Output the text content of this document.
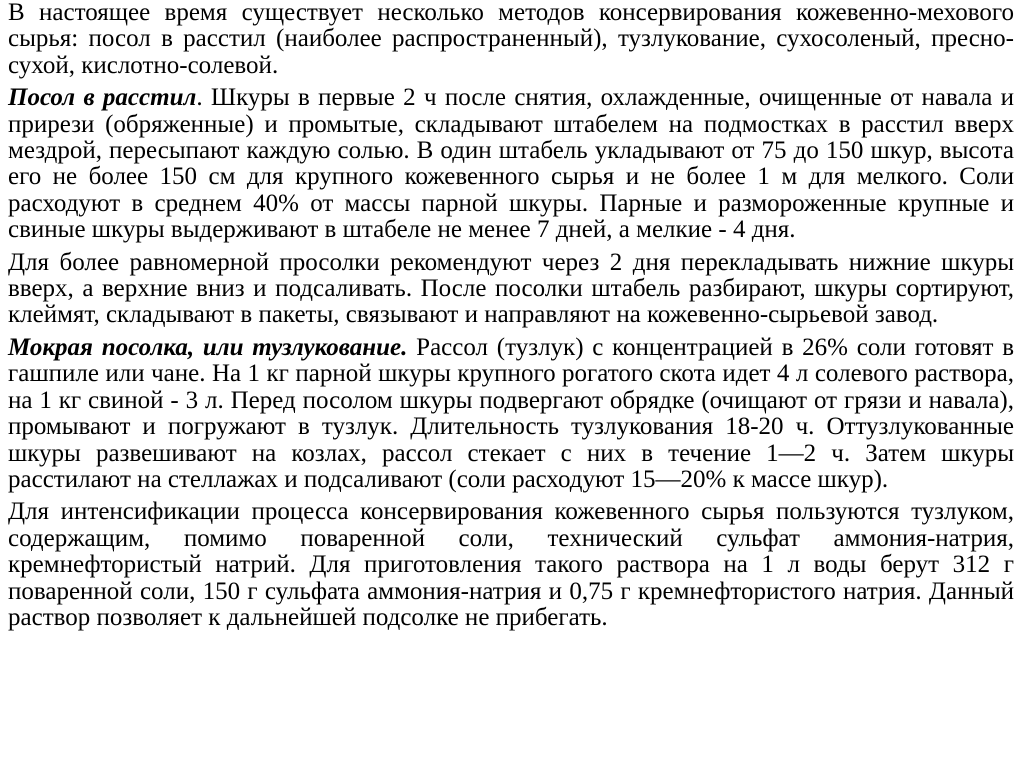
В настоящее время существует несколько методов консервирования кожевенно-мехового сырья: посол в расстил (наиболее распространенный), тузлукование, сухосоленый, пресно-сухой, кислотно-солевой.

Посол в расстил. Шкуры в первые 2 ч после снятия, охлажденные, очищенные от навала и прирези (обряженные) и промытые, складывают штабелем на подмостках в расстил вверх мездрой, пересыпают каждую солью. В один штабель укладывают от 75 до 150 шкур, высота его не более 150 см для крупного кожевенного сырья и не более 1 м для мелкого. Соли расходуют в среднем 40% от массы парной шкуры. Парные и размороженные крупные и свиные шкуры выдерживают в штабеле не менее 7 дней, а мелкие - 4 дня.

Для более равномерной просолки рекомендуют через 2 дня перекладывать нижние шкуры вверх, а верхние вниз и подсаливать. После посолки штабель разбирают, шкуры сортируют, клеймят, складывают в пакеты, связывают и направляют на кожевенно-сырьевой завод.

Мокрая посолка, или тузлукование. Рассол (тузлук) с концентрацией в 26% соли готовят в гашпиле или чане. На 1 кг парной шкуры крупного рогатого скота идет 4 л солевого раствора, на 1 кг свиной - 3 л. Перед посолом шкуры подвергают обрядке (очищают от грязи и навала), промывают и погружают в тузлук. Длительность тузлукования 18-20 ч. Оттузлукованные шкуры развешивают на козлах, рассол стекает с них в течение 1—2 ч. Затем шкуры расстилают на стеллажах и подсаливают (соли расходуют 15—20% к массе шкур).

Для интенсификации процесса консервирования кожевенного сырья пользуются тузлуком, содержащим, помимо поваренной соли, технический сульфат аммония-натрия, кремнефтористый натрий. Для приготовления такого раствора на 1 л воды берут 312 г поваренной соли, 150 г сульфата аммония-натрия и 0,75 г кремнефтористого натрия. Данный раствор позволяет к дальнейшей подсолке не прибегать.
